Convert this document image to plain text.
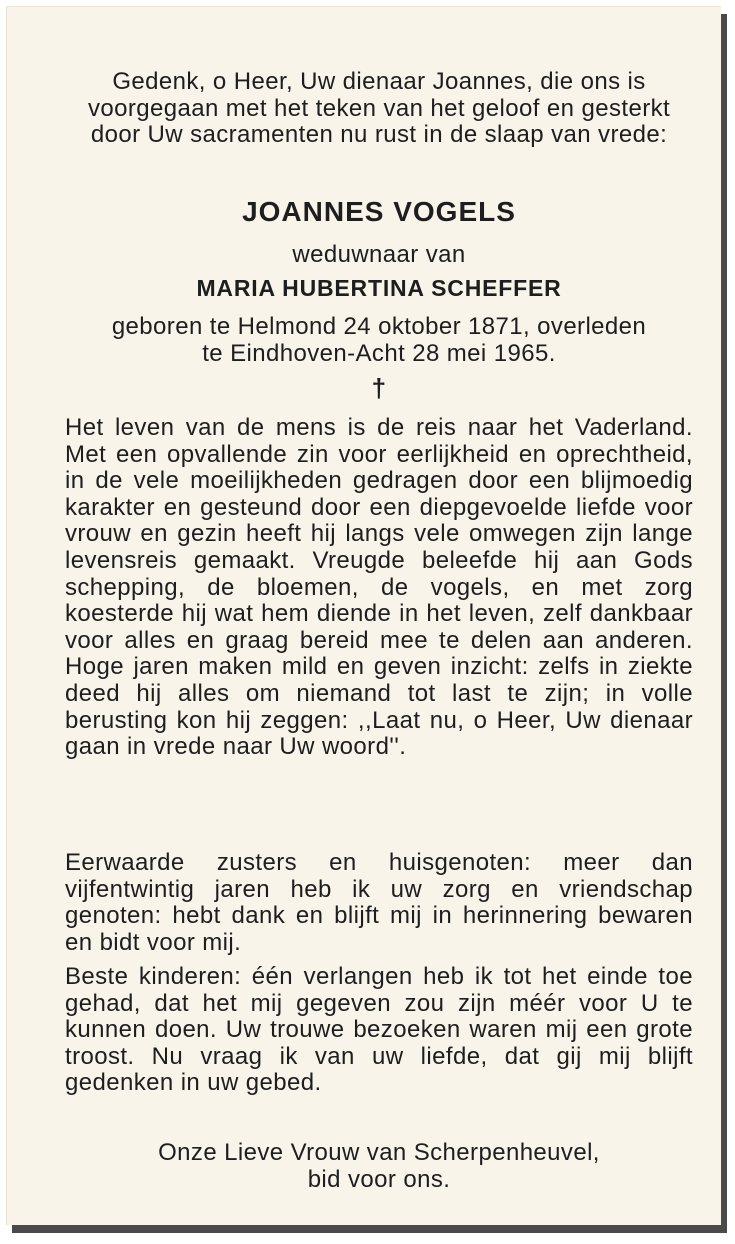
Gedenk, o Heer, Uw dienaar Joannes, die ons is voorgegaan met het teken van het geloof en gesterkt door Uw sacramenten nu rust in de slaap van vrede:
JOANNES VOGELS
weduwnaar van
MARIA HUBERTINA SCHEFFER
geboren te Helmond 24 oktober 1871, overleden
te Eindhoven-Acht 28 mei 1965.
†
Het leven van de mens is de reis naar het Vaderland. Met een opvallende zin voor eerlijkheid en oprechtheid, in de vele moeilijkheden gedragen door een blijmoedig karakter en gesteund door een diepgevoelde liefde voor vrouw en gezin heeft hij langs vele omwegen zijn lange levensreis gemaakt. Vreugde beleefde hij aan Gods schepping, de bloemen, de vogels, en met zorg koesterde hij wat hem diende in het leven, zelf dankbaar voor alles en graag bereid mee te delen aan anderen. Hoge jaren maken mild en geven inzicht: zelfs in ziekte deed hij alles om niemand tot last te zijn; in volle berusting kon hij zeggen: ,,Laat nu, o Heer, Uw dienaar gaan in vrede naar Uw woord''.
Eerwaarde zusters en huisgenoten: meer dan vijfentwintig jaren heb ik uw zorg en vriendschap genoten: hebt dank en blijft mij in herinnering bewaren en bidt voor mij.
Beste kinderen: één verlangen heb ik tot het einde toe gehad, dat het mij gegeven zou zijn méér voor U te kunnen doen. Uw trouwe bezoeken waren mij een grote troost. Nu vraag ik van uw liefde, dat gij mij blijft gedenken in uw gebed.
Onze Lieve Vrouw van Scherpenheuvel,
bid voor ons.
